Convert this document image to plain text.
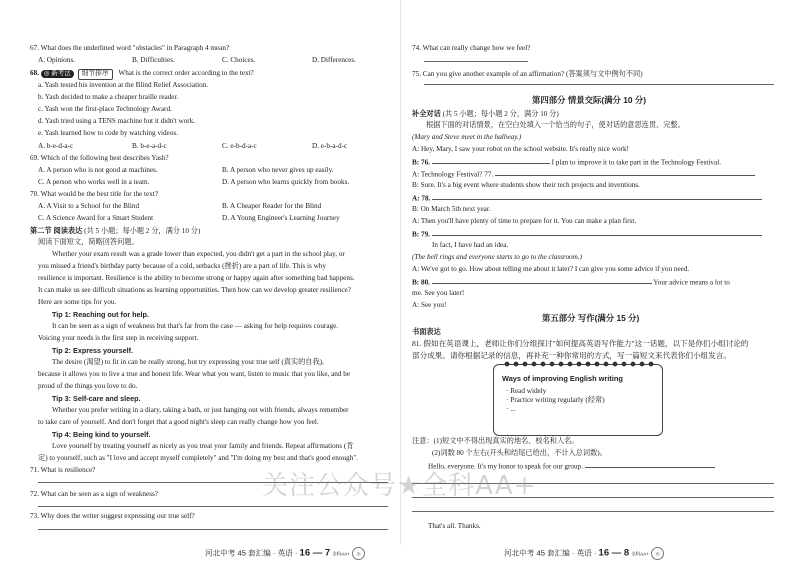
67. What does the underlined word "obstacles" in Paragraph 4 mean?
A. Opinions.	B. Difficulties.	C. Choices.	D. Differences.
68. ◎ 新考法 细节排序 What is the correct order according to the text?
a. Yash tested his invention at the Blind Relief Association.
b. Yash decided to make a cheaper braille reader.
c. Yash won the first-place Technology Award.
d. Yash tried using a TENS machine but it didn't work.
e. Yash learned how to code by watching videos.
A. b-e-d-a-c	B. b-e-a-d-c	C. e-b-d-a-c	D. e-b-a-d-c
69. Which of the following best describes Yash?
A. A person who is not good at machines.	B. A person who never gives up easily.
C. A person who works well in a team.	D. A person who learns quickly from books.
70. What would be the best title for the text?
A. A Visit to a School for the Blind	B. A Cheaper Reader for the Blind
C. A Science Award for a Smart Student	D. A Young Engineer's Learning Journey
第二节 阅读表达 (共 5 小题；每小题 2 分，满分 10 分)
阅读下面短文，简略回答问题。
Whether your exam result was a grade lower than expected, you didn't get a part in the school play, or
you missed a friend's birthday party because of a cold, setbacks (挫折) are a part of life. This is why
resilience is important. Resilience is the ability to become strong or happy again after something bad happens.
It can make us see difficult situations as learning opportunities. Then how can we develop greater resilience?
Here are some tips for you.
Tip 1: Reaching out for help.
It can be seen as a sign of weakness but that's far from the case — asking for help requires courage.
Voicing your needs is the first step in receiving support.
Tip 2: Express yourself.
The desire (渴望) to fit in can be really strong, but try expressing your true self (真实的自我),
because it allows you to live a true and honest life. Wear what you want, listen to music that you like, and be
proud of the things you love to do.
Tip 3: Self-care and sleep.
Whether you prefer writing in a diary, taking a bath, or just hanging out with friends, always remember
to take care of yourself. And don't forget that a good night's sleep can really change how you feel.
Tip 4: Being kind to yourself.
Love yourself by treating yourself as nicely as you treat your family and friends. Repeat affirmations (肯
定) to yourself, such as "I love and accept myself completely" and "I'm doing my best and that's good enough".
71. What is resilience?
72. What can be seen as a sign of weakness?
73. Why does the writer suggest expressing our true self?
河北中考 45 套汇编 · 英语 · 16 — 7 全科AA+ ◎
74. What can really change how we feel?
75. Can you give another example of an affirmation? (答案须与文中例句不同)
第四部分 情景交际(满分 10 分)
补全对话 (共 5 小题；每小题 2 分，满分 10 分)
根据下面的对话情景，在空白处填入一个恰当的句子，使对话的意思连贯、完整。
(Mary and Steve meet in the hallway.)
A: Hey, Mary, I saw your robot on the school website. It's really nice work!
B: 76.	I plan to improve it to take part in the Technology Festival.
A: Technology Festival? 77.
B: Sure. It's a big event where students show their tech projects and inventions.
A: 78.
B: On March 5th next year.
A: Then you'll have plenty of time to prepare for it. You can make a plan first.
B: 79.
In fact, I have had an idea.
(The bell rings and everyone starts to go to the classroom.)
A: We've got to go. How about telling me about it later? I can give you some advice if you need.
B: 80.	Your advice means a lot to
me. See you later!
A: See you!
第五部分 写作(满分 15 分)
书面表达
81. 假如在英语课上，老师让你们分组探讨"如何提高英语写作能力"这一话题，以下是你们小组讨论的
部分成果。请你根据记录的信息，再补充一种你常用的方式，写一篇短文来代表你们小组发言。
Ways of improving English writing
· Read widely
· Practice writing regularly (经常)
· ...
注意：(1)短文中不得出现真实的地名、校名和人名。
(2)词数 80 个左右(开头和结尾已给出，不计入总词数)。
Hello, everyone. It's my honor to speak for our group.
That's all. Thanks.
河北中考 45 套汇编 · 英语 · 16 — 8 全科AA+ ◎
关注公众号★全科AA+
